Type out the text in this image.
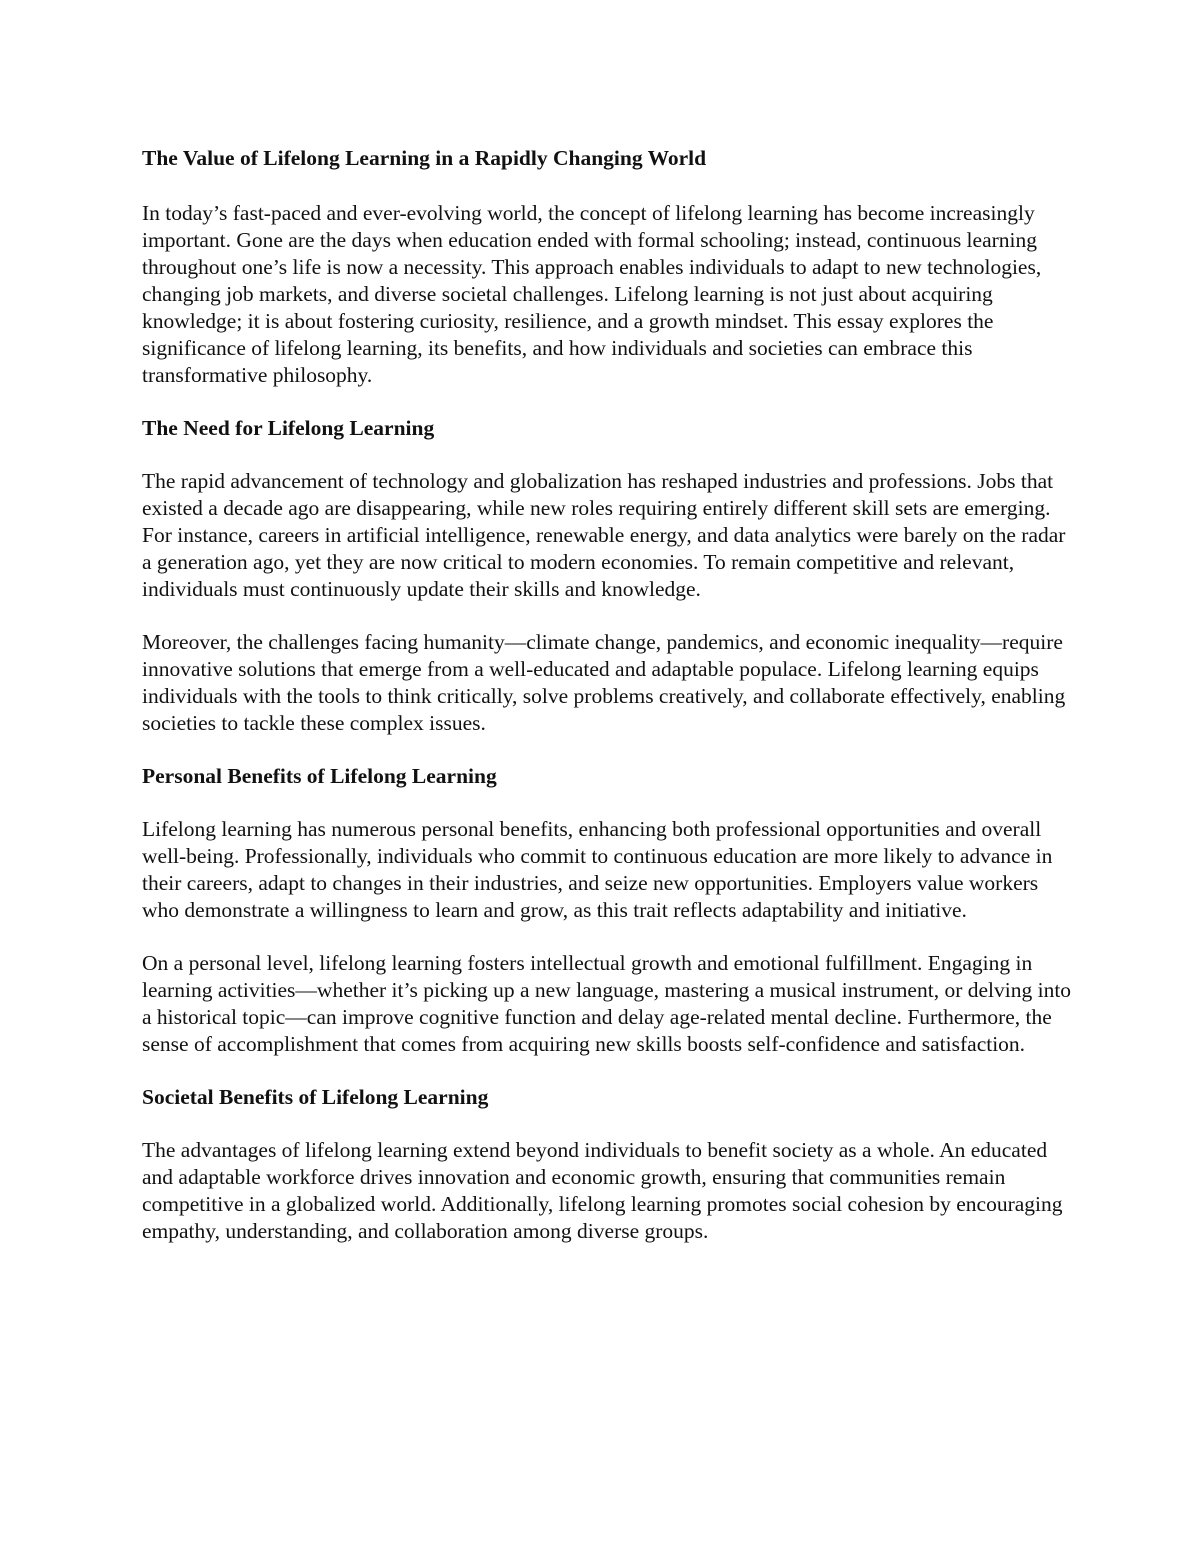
The Value of Lifelong Learning in a Rapidly Changing World

In today’s fast-paced and ever-evolving world, the concept of lifelong learning has become increasingly important. Gone are the days when education ended with formal schooling; instead, continuous learning throughout one’s life is now a necessity. This approach enables individuals to adapt to new technologies, changing job markets, and diverse societal challenges. Lifelong learning is not just about acquiring knowledge; it is about fostering curiosity, resilience, and a growth mindset. This essay explores the significance of lifelong learning, its benefits, and how individuals and societies can embrace this transformative philosophy.

The Need for Lifelong Learning

The rapid advancement of technology and globalization has reshaped industries and professions. Jobs that existed a decade ago are disappearing, while new roles requiring entirely different skill sets are emerging. For instance, careers in artificial intelligence, renewable energy, and data analytics were barely on the radar a generation ago, yet they are now critical to modern economies. To remain competitive and relevant, individuals must continuously update their skills and knowledge.

Moreover, the challenges facing humanity—climate change, pandemics, and economic inequality—require innovative solutions that emerge from a well-educated and adaptable populace. Lifelong learning equips individuals with the tools to think critically, solve problems creatively, and collaborate effectively, enabling societies to tackle these complex issues.

Personal Benefits of Lifelong Learning

Lifelong learning has numerous personal benefits, enhancing both professional opportunities and overall well-being. Professionally, individuals who commit to continuous education are more likely to advance in their careers, adapt to changes in their industries, and seize new opportunities. Employers value workers who demonstrate a willingness to learn and grow, as this trait reflects adaptability and initiative.

On a personal level, lifelong learning fosters intellectual growth and emotional fulfillment. Engaging in learning activities—whether it’s picking up a new language, mastering a musical instrument, or delving into a historical topic—can improve cognitive function and delay age-related mental decline. Furthermore, the sense of accomplishment that comes from acquiring new skills boosts self-confidence and satisfaction.

Societal Benefits of Lifelong Learning

The advantages of lifelong learning extend beyond individuals to benefit society as a whole. An educated and adaptable workforce drives innovation and economic growth, ensuring that communities remain competitive in a globalized world. Additionally, lifelong learning promotes social cohesion by encouraging empathy, understanding, and collaboration among diverse groups.
